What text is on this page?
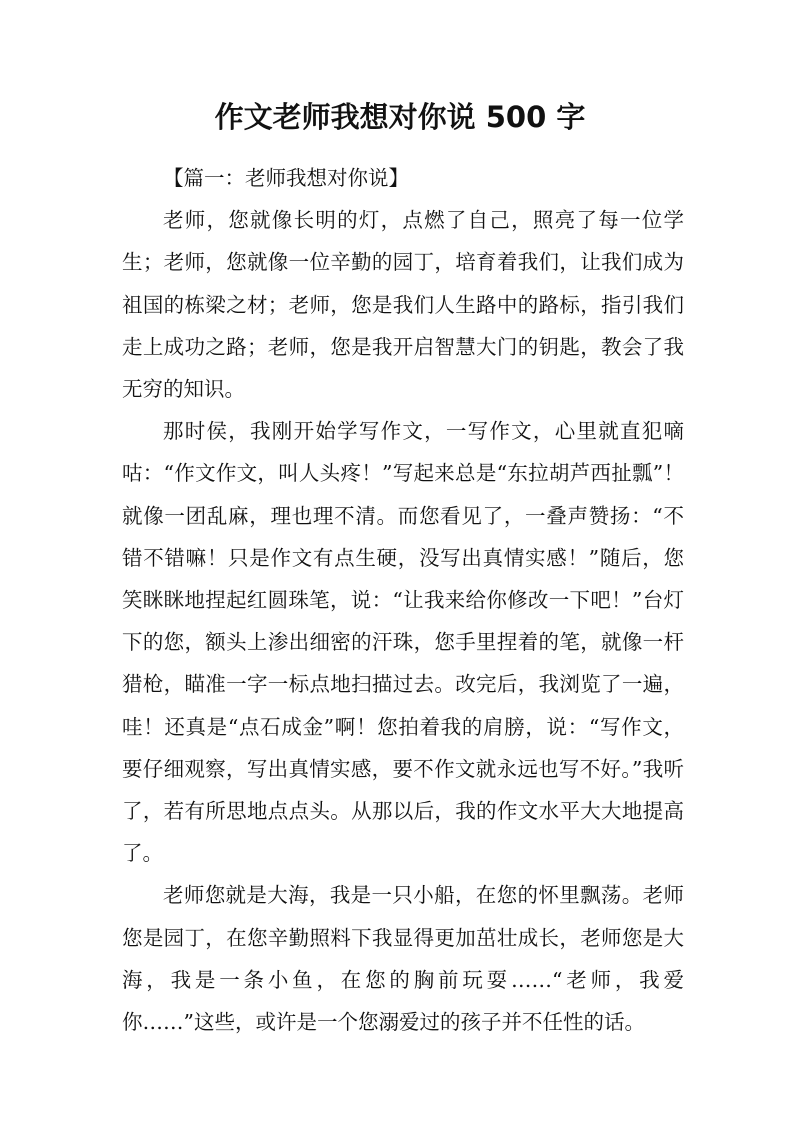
作文老师我想对你说 500 字

【篇一：老师我想对你说】

老师，您就像长明的灯，点燃了自己，照亮了每一位学生；老师，您就像一位辛勤的园丁，培育着我们，让我们成为祖国的栋梁之材；老师，您是我们人生路中的路标，指引我们走上成功之路；老师，您是我开启智慧大门的钥匙，教会了我无穷的知识。

那时侯，我刚开始学写作文，一写作文，心里就直犯嘀咕：“作文作文，叫人头疼！”写起来总是“东拉胡芦西扯瓢”！就像一团乱麻，理也理不清。而您看见了，一叠声赞扬：“不错不错嘛！只是作文有点生硬，没写出真情实感！”随后，您笑眯眯地捏起红圆珠笔，说：“让我来给你修改一下吧！”台灯下的您，额头上渗出细密的汗珠，您手里捏着的笔，就像一杆猎枪，瞄准一字一标点地扫描过去。改完后，我浏览了一遍，哇！还真是“点石成金”啊！您拍着我的肩膀，说：“写作文，要仔细观察，写出真情实感，要不作文就永远也写不好。”我听了，若有所思地点点头。从那以后，我的作文水平大大地提高了。

老师您就是大海，我是一只小船，在您的怀里飘荡。老师您是园丁，在您辛勤照料下我显得更加茁壮成长，老师您是大海，我是一条小鱼，在您的胸前玩耍……“老师，我爱你……”这些，或许是一个您溺爱过的孩子并不任性的话。
